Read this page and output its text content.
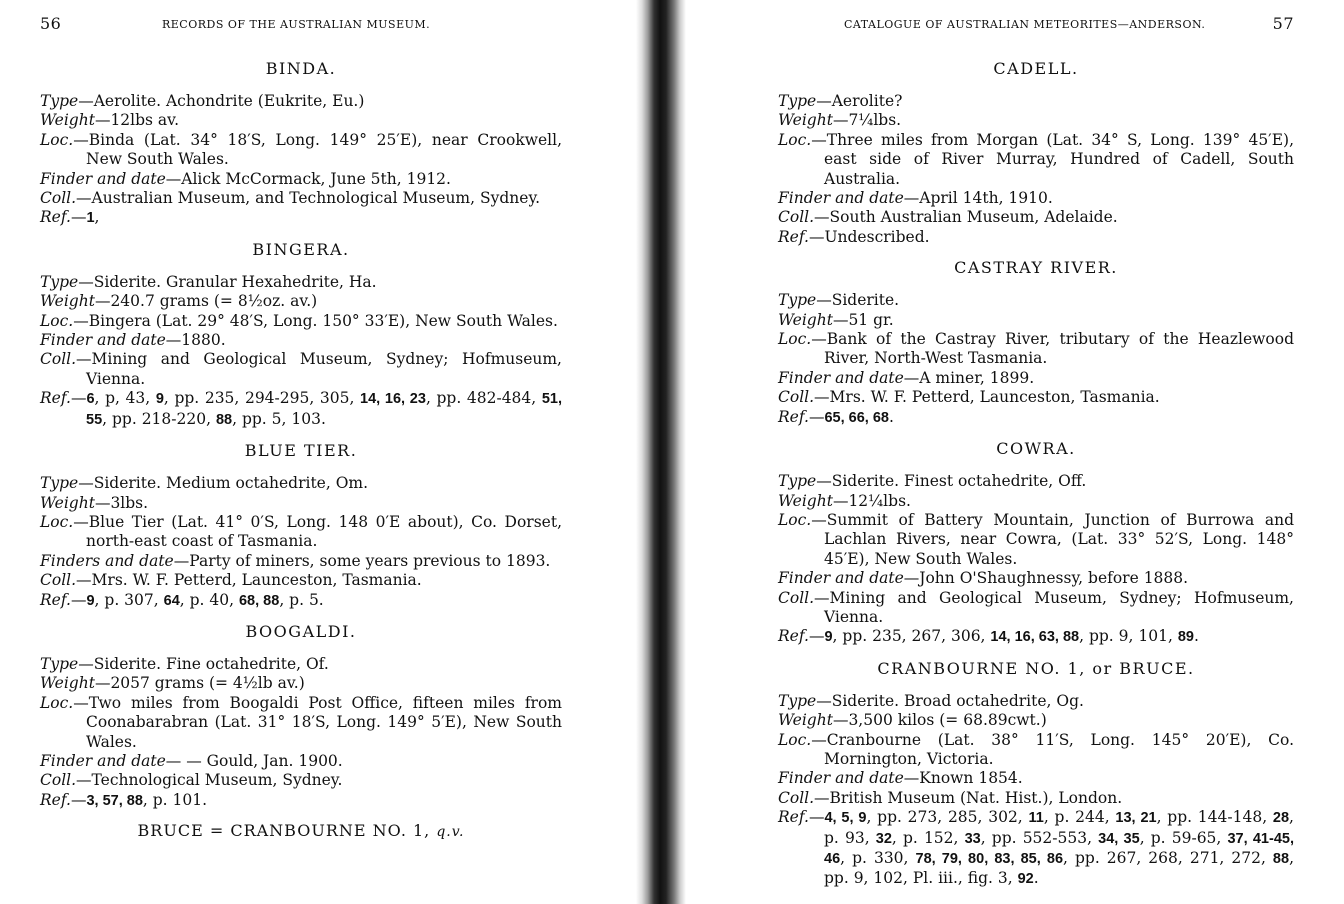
56	RECORDS OF THE AUSTRALIAN MUSEUM.
BINDA.
Type—Aerolite. Achondrite (Eukrite, Eu.)
Weight—12lbs av.
Loc.—Binda (Lat. 34° 18′S, Long. 149° 25′E), near Crookwell, New South Wales.
Finder and date—Alick McCormack, June 5th, 1912.
Coll.—Australian Museum, and Technological Museum, Sydney.
Ref.—1,
BINGERA.
Type—Siderite. Granular Hexahedrite, Ha.
Weight—240.7 grams (= 8½oz. av.)
Loc.—Bingera (Lat. 29° 48′S, Long. 150° 33′E), New South Wales.
Finder and date—1880.
Coll.—Mining and Geological Museum, Sydney; Hofmuseum, Vienna.
Ref.—6, p, 43, 9, pp. 235, 294-295, 305, 14, 16, 23, pp. 482-484, 51, 55, pp. 218-220, 88, pp. 5, 103.
BLUE TIER.
Type—Siderite. Medium octahedrite, Om.
Weight—3lbs.
Loc.—Blue Tier (Lat. 41° 0′S, Long. 148 0′E about), Co. Dorset, north-east coast of Tasmania.
Finders and date—Party of miners, some years previous to 1893.
Coll.—Mrs. W. F. Petterd, Launceston, Tasmania.
Ref.—9, p. 307, 64, p. 40, 68, 88, p. 5.
BOOGALDI.
Type—Siderite. Fine octahedrite, Of.
Weight—2057 grams (= 4½lb av.)
Loc.—Two miles from Boogaldi Post Office, fifteen miles from Coonabarabran (Lat. 31° 18′S, Long. 149° 5′E), New South Wales.
Finder and date— — Gould, Jan. 1900.
Coll.—Technological Museum, Sydney.
Ref.—3, 57, 88, p. 101.
BRUCE = CRANBOURNE NO. 1, q.v.
57
CATALOGUE OF AUSTRALIAN METEORITES—ANDERSON.
CADELL.
Type—Aerolite?
Weight—7¼lbs.
Loc.—Three miles from Morgan (Lat. 34° S, Long. 139° 45′E), east side of River Murray, Hundred of Cadell, South Australia.
Finder and date—April 14th, 1910.
Coll.—South Australian Museum, Adelaide.
Ref.—Undescribed.
CASTRAY RIVER.
Type—Siderite.
Weight—51 gr.
Loc.—Bank of the Castray River, tributary of the Heazlewood River, North-West Tasmania.
Finder and date—A miner, 1899.
Coll.—Mrs. W. F. Petterd, Launceston, Tasmania.
Ref.—65, 66, 68.
COWRA.
Type—Siderite. Finest octahedrite, Off.
Weight—12¼lbs.
Loc.—Summit of Battery Mountain, Junction of Burrowa and Lachlan Rivers, near Cowra, (Lat. 33° 52′S, Long. 148° 45′E), New South Wales.
Finder and date—John O'Shaughnessy, before 1888.
Coll.—Mining and Geological Museum, Sydney; Hofmuseum, Vienna.
Ref.—9, pp. 235, 267, 306, 14, 16, 63, 88, pp. 9, 101, 89.
CRANBOURNE NO. 1, or BRUCE.
Type—Siderite. Broad octahedrite, Og.
Weight—3,500 kilos (= 68.89cwt.)
Loc.—Cranbourne (Lat. 38° 11′S, Long. 145° 20′E), Co. Mornington, Victoria.
Finder and date—Known 1854.
Coll.—British Museum (Nat. Hist.), London.
Ref.—4, 5, 9, pp. 273, 285, 302, 11, p. 244, 13, 21, pp. 144-148, 28, p. 93, 32, p. 152, 33, pp. 552-553, 34, 35, p. 59-65, 37, 41-45, 46, p. 330, 78, 79, 80, 83, 85, 86, pp. 267, 268, 271, 272, 88, pp. 9, 102, Pl. iii., fig. 3, 92.
